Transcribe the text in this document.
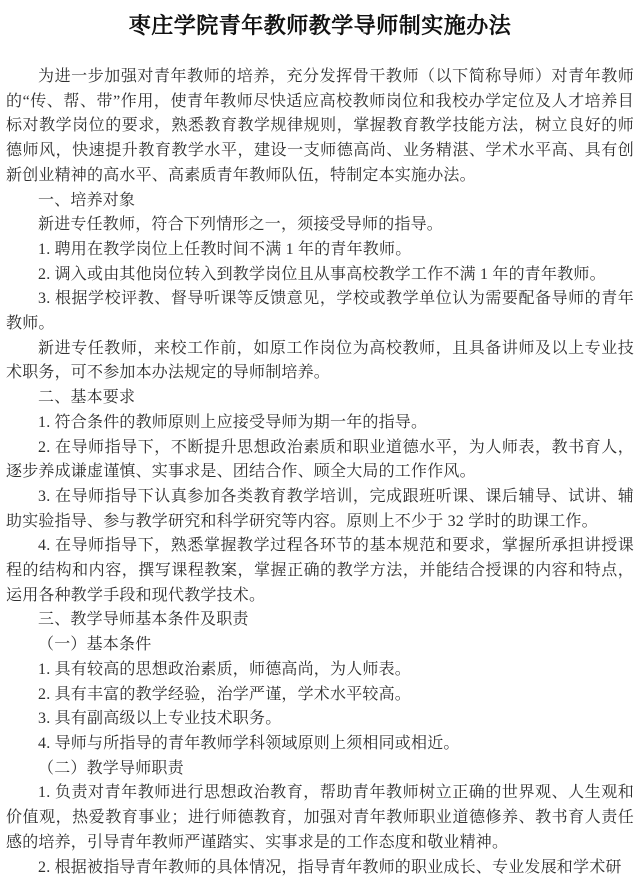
枣庄学院青年教师教学导师制实施办法

为进一步加强对青年教师的培养，充分发挥骨干教师（以下简称导师）对青年教师的“传、帮、带”作用，使青年教师尽快适应高校教师岗位和我校办学定位及人才培养目标对教学岗位的要求，熟悉教育教学规律规则，掌握教育教学技能方法，树立良好的师德师风，快速提升教育教学水平，建设一支师德高尚、业务精湛、学术水平高、具有创新创业精神的高水平、高素质青年教师队伍，特制定本实施办法。

一、培养对象

新进专任教师，符合下列情形之一，须接受导师的指导。

1. 聘用在教学岗位上任教时间不满 1 年的青年教师。

2. 调入或由其他岗位转入到教学岗位且从事高校教学工作不满 1 年的青年教师。

3. 根据学校评教、督导听课等反馈意见，学校或教学单位认为需要配备导师的青年教师。

新进专任教师，来校工作前，如原工作岗位为高校教师，且具备讲师及以上专业技术职务，可不参加本办法规定的导师制培养。

二、基本要求

1. 符合条件的教师原则上应接受导师为期一年的指导。

2. 在导师指导下，不断提升思想政治素质和职业道德水平，为人师表，教书育人，逐步养成谦虚谨慎、实事求是、团结合作、顾全大局的工作作风。

3. 在导师指导下认真参加各类教育教学培训，完成跟班听课、课后辅导、试讲、辅助实验指导、参与教学研究和科学研究等内容。原则上不少于 32 学时的助课工作。

4. 在导师指导下，熟悉掌握教学过程各环节的基本规范和要求，掌握所承担讲授课程的结构和内容，撰写课程教案，掌握正确的教学方法，并能结合授课的内容和特点，运用各种教学手段和现代教学技术。

三、教学导师基本条件及职责

（一）基本条件

1. 具有较高的思想政治素质，师德高尚，为人师表。

2. 具有丰富的教学经验，治学严谨，学术水平较高。

3. 具有副高级以上专业技术职务。

4. 导师与所指导的青年教师学科领域原则上须相同或相近。

（二）教学导师职责

1. 负责对青年教师进行思想政治教育，帮助青年教师树立正确的世界观、人生观和价值观，热爱教育事业；进行师德教育，加强对青年教师职业道德修养、教书育人责任感的培养，引导青年教师严谨踏实、实事求是的工作态度和敬业精神。

2. 根据被指导青年教师的具体情况，指导青年教师的职业成长、专业发展和学术研
